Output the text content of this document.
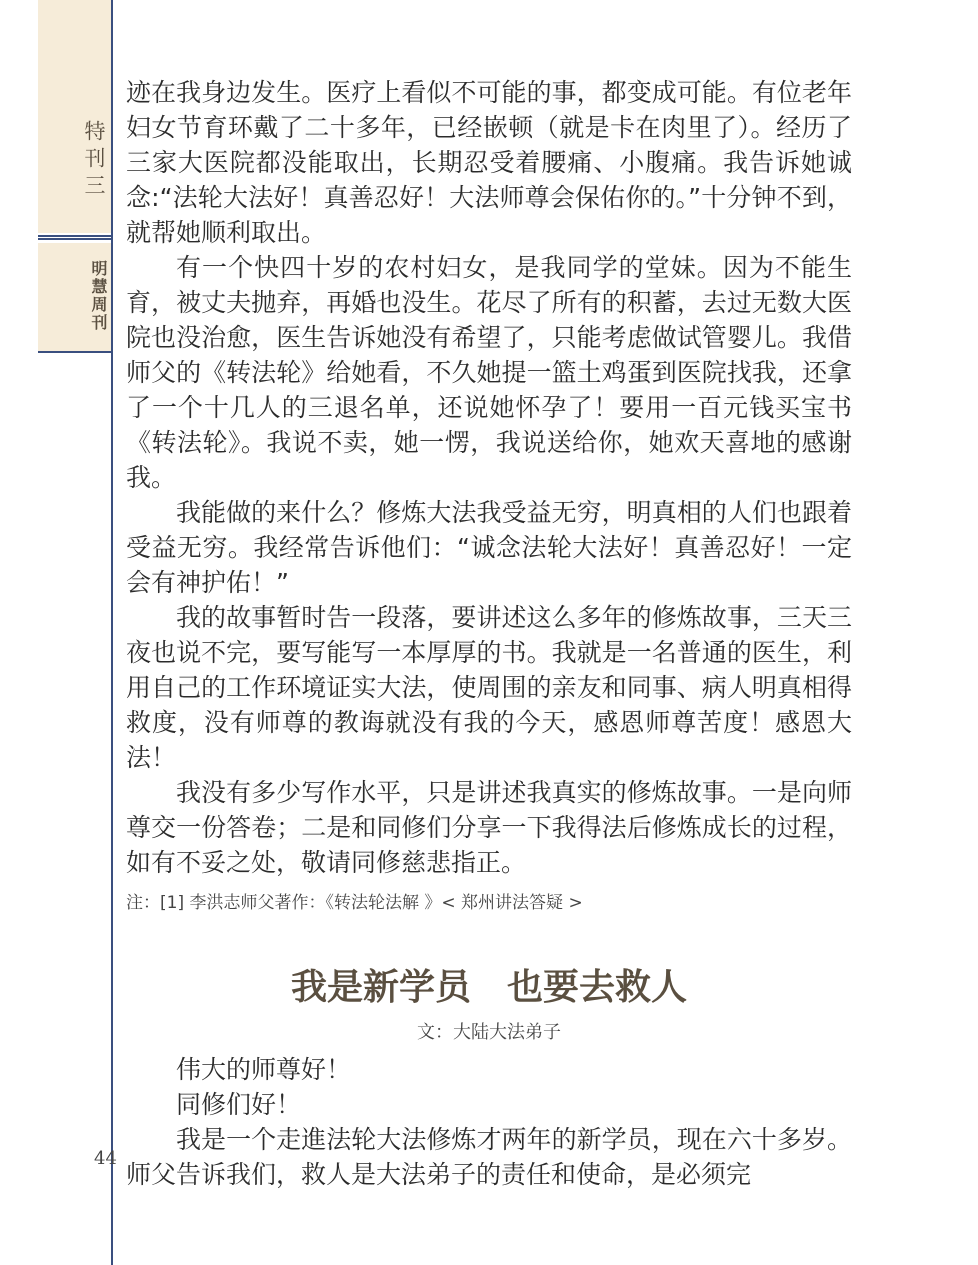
特刊三
明慧周刊
44

迹在我身边发生。医疗上看似不可能的事，都变成可能。有位老年妇女节育环戴了二十多年，已经嵌顿（就是卡在肉里了）。经历了三家大医院都没能取出，长期忍受着腰痛、小腹痛。我告诉她诚念:“法轮大法好！真善忍好！大法师尊会保佑你的。”十分钟不到，就帮她顺利取出。

有一个快四十岁的农村妇女，是我同学的堂妹。因为不能生育，被丈夫抛弃，再婚也没生。花尽了所有的积蓄，去过无数大医院也没治愈，医生告诉她没有希望了，只能考虑做试管婴儿。我借师父的《转法轮》给她看，不久她提一篮土鸡蛋到医院找我，还拿了一个十几人的三退名单，还说她怀孕了！要用一百元钱买宝书《转法轮》。我说不卖，她一愣，我说送给你，她欢天喜地的感谢我。

我能做的来什么？修炼大法我受益无穷，明真相的人们也跟着受益无穷。我经常告诉他们：“诚念法轮大法好！真善忍好！一定会有神护佑！”

我的故事暂时告一段落，要讲述这么多年的修炼故事，三天三夜也说不完，要写能写一本厚厚的书。我就是一名普通的医生，利用自己的工作环境证实大法，使周围的亲友和同事、病人明真相得救度，没有师尊的教诲就没有我的今天，感恩师尊苦度！感恩大法！

我没有多少写作水平，只是讲述我真实的修炼故事。一是向师尊交一份答卷；二是和同修们分享一下我得法后修炼成长的过程，如有不妥之处，敬请同修慈悲指正。

注：[1] 李洪志师父著作：《转法轮法解 》< 郑州讲法答疑 >

我是新学员　也要去救人
文：大陆大法弟子

伟大的师尊好！

同修们好！

我是一个走進法轮大法修炼才两年的新学员，现在六十多岁。师父告诉我们，救人是大法弟子的责任和使命，是必须完
